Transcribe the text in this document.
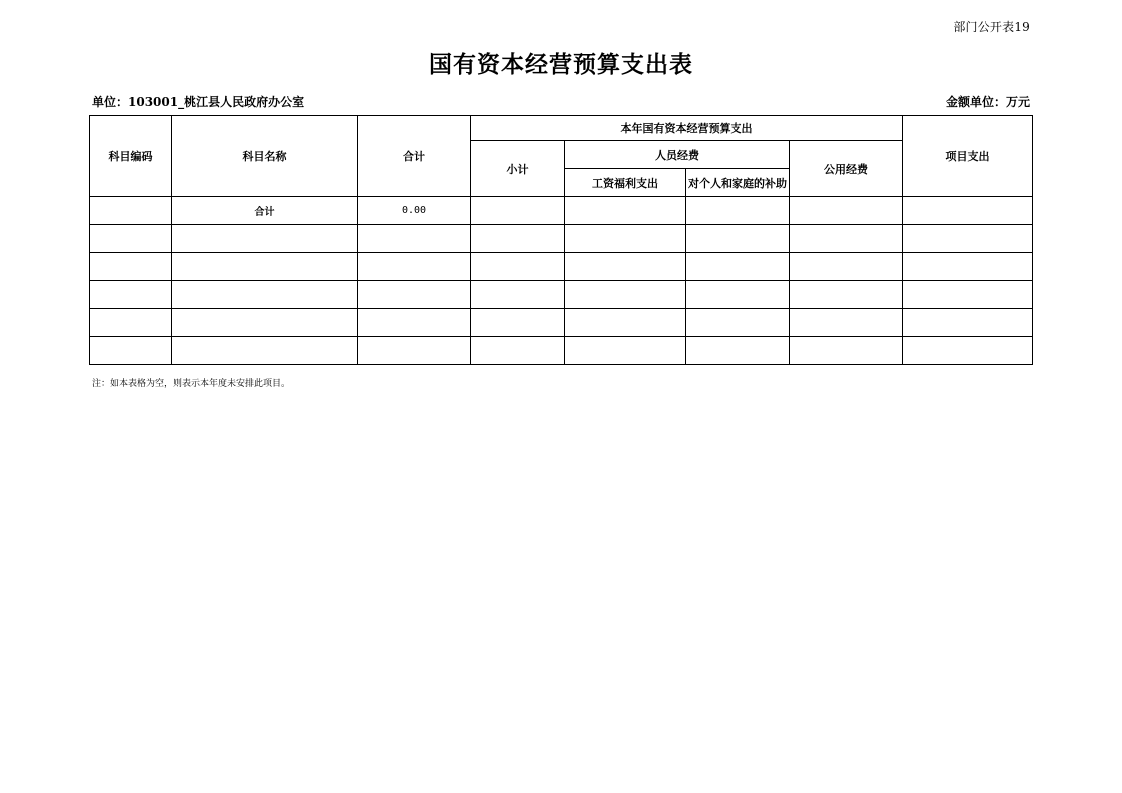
部门公开表19
国有资本经营预算支出表
单位：103001_桃江县人民政府办公室	金额单位：万元
科目编码	科目名称	合计	本年国有资本经营预算支出				项目支出
			小计	人员经费		公用经费	
				工资福利支出	对个人和家庭的补助		
	合计	0.00					

注：如本表格为空，则表示本年度未安排此项目。
